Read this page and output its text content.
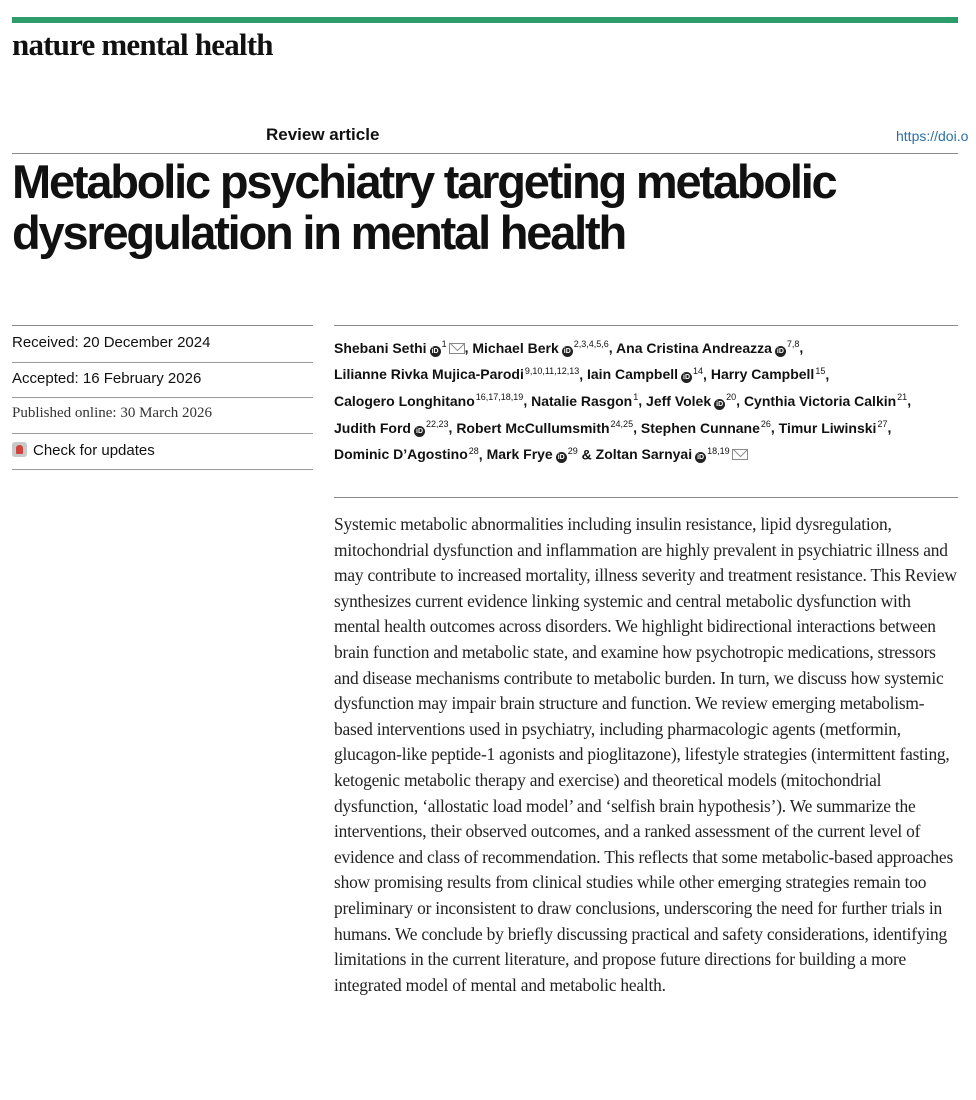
nature mental health
Review article	https://doi.o
Metabolic psychiatry targeting metabolic dysregulation in mental health
Received: 20 December 2024
Accepted: 16 February 2026
Published online: 30 March 2026
Check for updates

Shebani Sethi $iD^1$ , Michael Berk iD$^{2,3,4,5,6}$, Ana Cristina Andreazza iD$^{7,8}$, Lilianne Rivka Mujica-Parodi$^{9,10,11,12,13}$, Iain Campbell $iD^{14}$, Harry Campbell$^{15}$, Calogero Longhitano$^{16,17,18,19}$, Natalie Rasgon$^1$, Jeff Volek $iD^{20}$, Cynthia Victoria Calkin$^{21}$, Judith Ford iD$^{22,23}$, Robert McCullumsmith$^{24,25}$, Stephen Cunnane$^{26}$, Timur Liwinski$^{27}$, Dominic D’Agostino$^{28}$, Mark Frye $iD^{29}$ & Zoltan Sarnyai iD$^{18,19}$

Systemic metabolic abnormalities including insulin resistance, lipid dysregulation, mitochondrial dysfunction and inflammation are highly prevalent in psychiatric illness and may contribute to increased mortality, illness severity and treatment resistance. This Review synthesizes current evidence linking systemic and central metabolic dysfunction with mental health outcomes across disorders. We highlight bidirectional interactions between brain function and metabolic state, and examine how psychotropic medications, stressors and disease mechanisms contribute to metabolic burden. In turn, we discuss how systemic dysfunction may impair brain structure and function. We review emerging metabolism-based interventions used in psychiatry, including pharmacologic agents (metformin, glucagon-like peptide-1 agonists and pioglitazone), lifestyle strategies (intermittent fasting, ketogenic metabolic therapy and exercise) and theoretical models (mitochondrial dysfunction, ‘allostatic load model’ and ‘selfish brain hypothesis’). We summarize the interventions, their observed outcomes, and a ranked assessment of the current level of evidence and class of recommendation. This reflects that some metabolic-based approaches show promising results from clinical studies while other emerging strategies remain too preliminary or inconsistent to draw conclusions, underscoring the need for further trials in humans. We conclude by briefly discussing practical and safety considerations, identifying limitations in the current literature, and propose future directions for building a more integrated model of mental and metabolic health.
